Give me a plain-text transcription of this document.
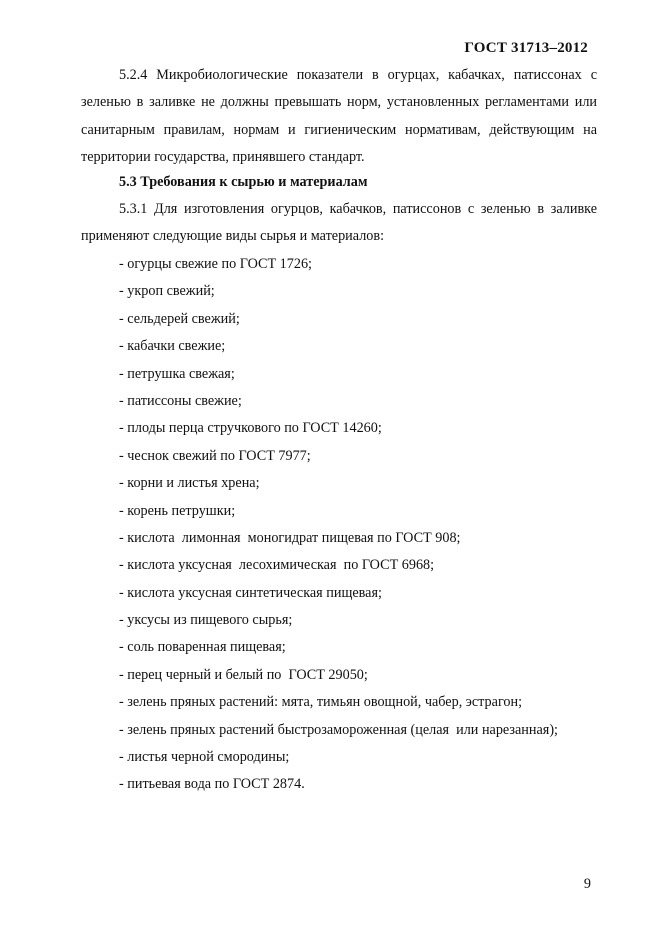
ГОСТ 31713–2012

5.2.4 Микробиологические показатели в огурцах, кабачках, патиссонах с зеленью в заливке не должны превышать норм, установленных регламентами или санитарным правилам, нормам и гигиеническим нормативам, действующим на территории государства, принявшего стандарт.

5.3 Требования к сырью и материалам

5.3.1 Для изготовления огурцов, кабачков, патиссонов с зеленью в заливке применяют следующие виды сырья и материалов:

- огурцы свежие по ГОСТ 1726;
- укроп свежий;
- сельдерей свежий;
- кабачки свежие;
- петрушка свежая;
- патиссоны свежие;
- плоды перца стручкового по ГОСТ 14260;
- чеснок свежий по ГОСТ 7977;
- корни и листья хрена;
- корень петрушки;
- кислота  лимонная  моногидрат пищевая по ГОСТ 908;
- кислота уксусная  лесохимическая  по ГОСТ 6968;
- кислота уксусная синтетическая пищевая;
- уксусы из пищевого сырья;
- соль поваренная пищевая;
- перец черный и белый по  ГОСТ 29050;
- зелень пряных растений: мята, тимьян овощной, чабер, эстрагон;
- зелень пряных растений быстрозамороженная (целая  или нарезанная);
- листья черной смородины;
- питьевая вода по ГОСТ 2874.
9
